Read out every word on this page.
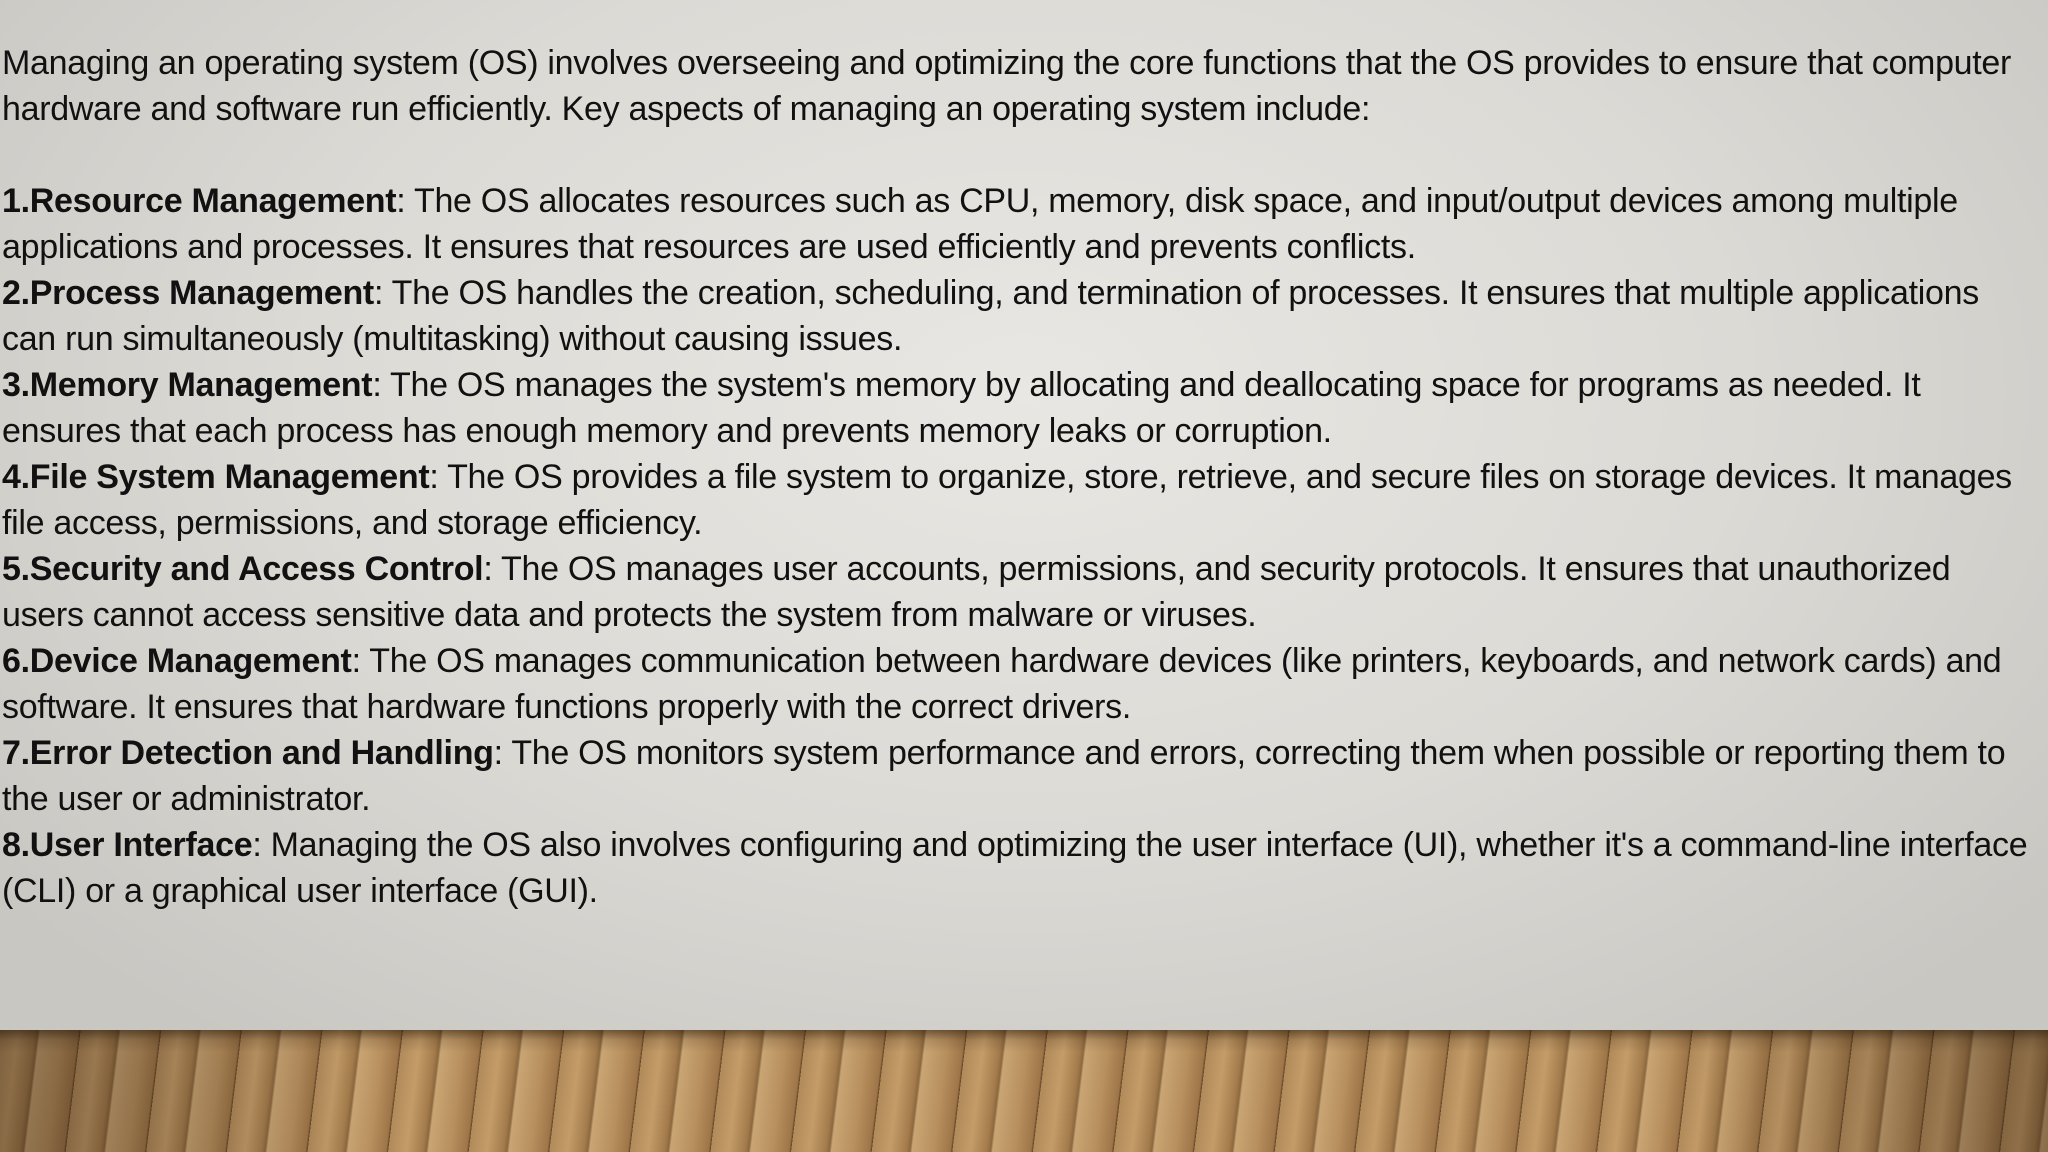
Managing an operating system (OS) involves overseeing and optimizing the core functions that the OS provides to ensure that computer hardware and software run efficiently. Key aspects of managing an operating system include:

1.Resource Management: The OS allocates resources such as CPU, memory, disk space, and input/output devices among multiple applications and processes. It ensures that resources are used efficiently and prevents conflicts.
2.Process Management: The OS handles the creation, scheduling, and termination of processes. It ensures that multiple applications can run simultaneously (multitasking) without causing issues.
3.Memory Management: The OS manages the system's memory by allocating and deallocating space for programs as needed. It ensures that each process has enough memory and prevents memory leaks or corruption.
4.File System Management: The OS provides a file system to organize, store, retrieve, and secure files on storage devices. It manages file access, permissions, and storage efficiency.
5.Security and Access Control: The OS manages user accounts, permissions, and security protocols. It ensures that unauthorized users cannot access sensitive data and protects the system from malware or viruses.
6.Device Management: The OS manages communication between hardware devices (like printers, keyboards, and network cards) and software. It ensures that hardware functions properly with the correct drivers.
7.Error Detection and Handling: The OS monitors system performance and errors, correcting them when possible or reporting them to the user or administrator.
8.User Interface: Managing the OS also involves configuring and optimizing the user interface (UI), whether it's a command-line interface (CLI) or a graphical user interface (GUI).
